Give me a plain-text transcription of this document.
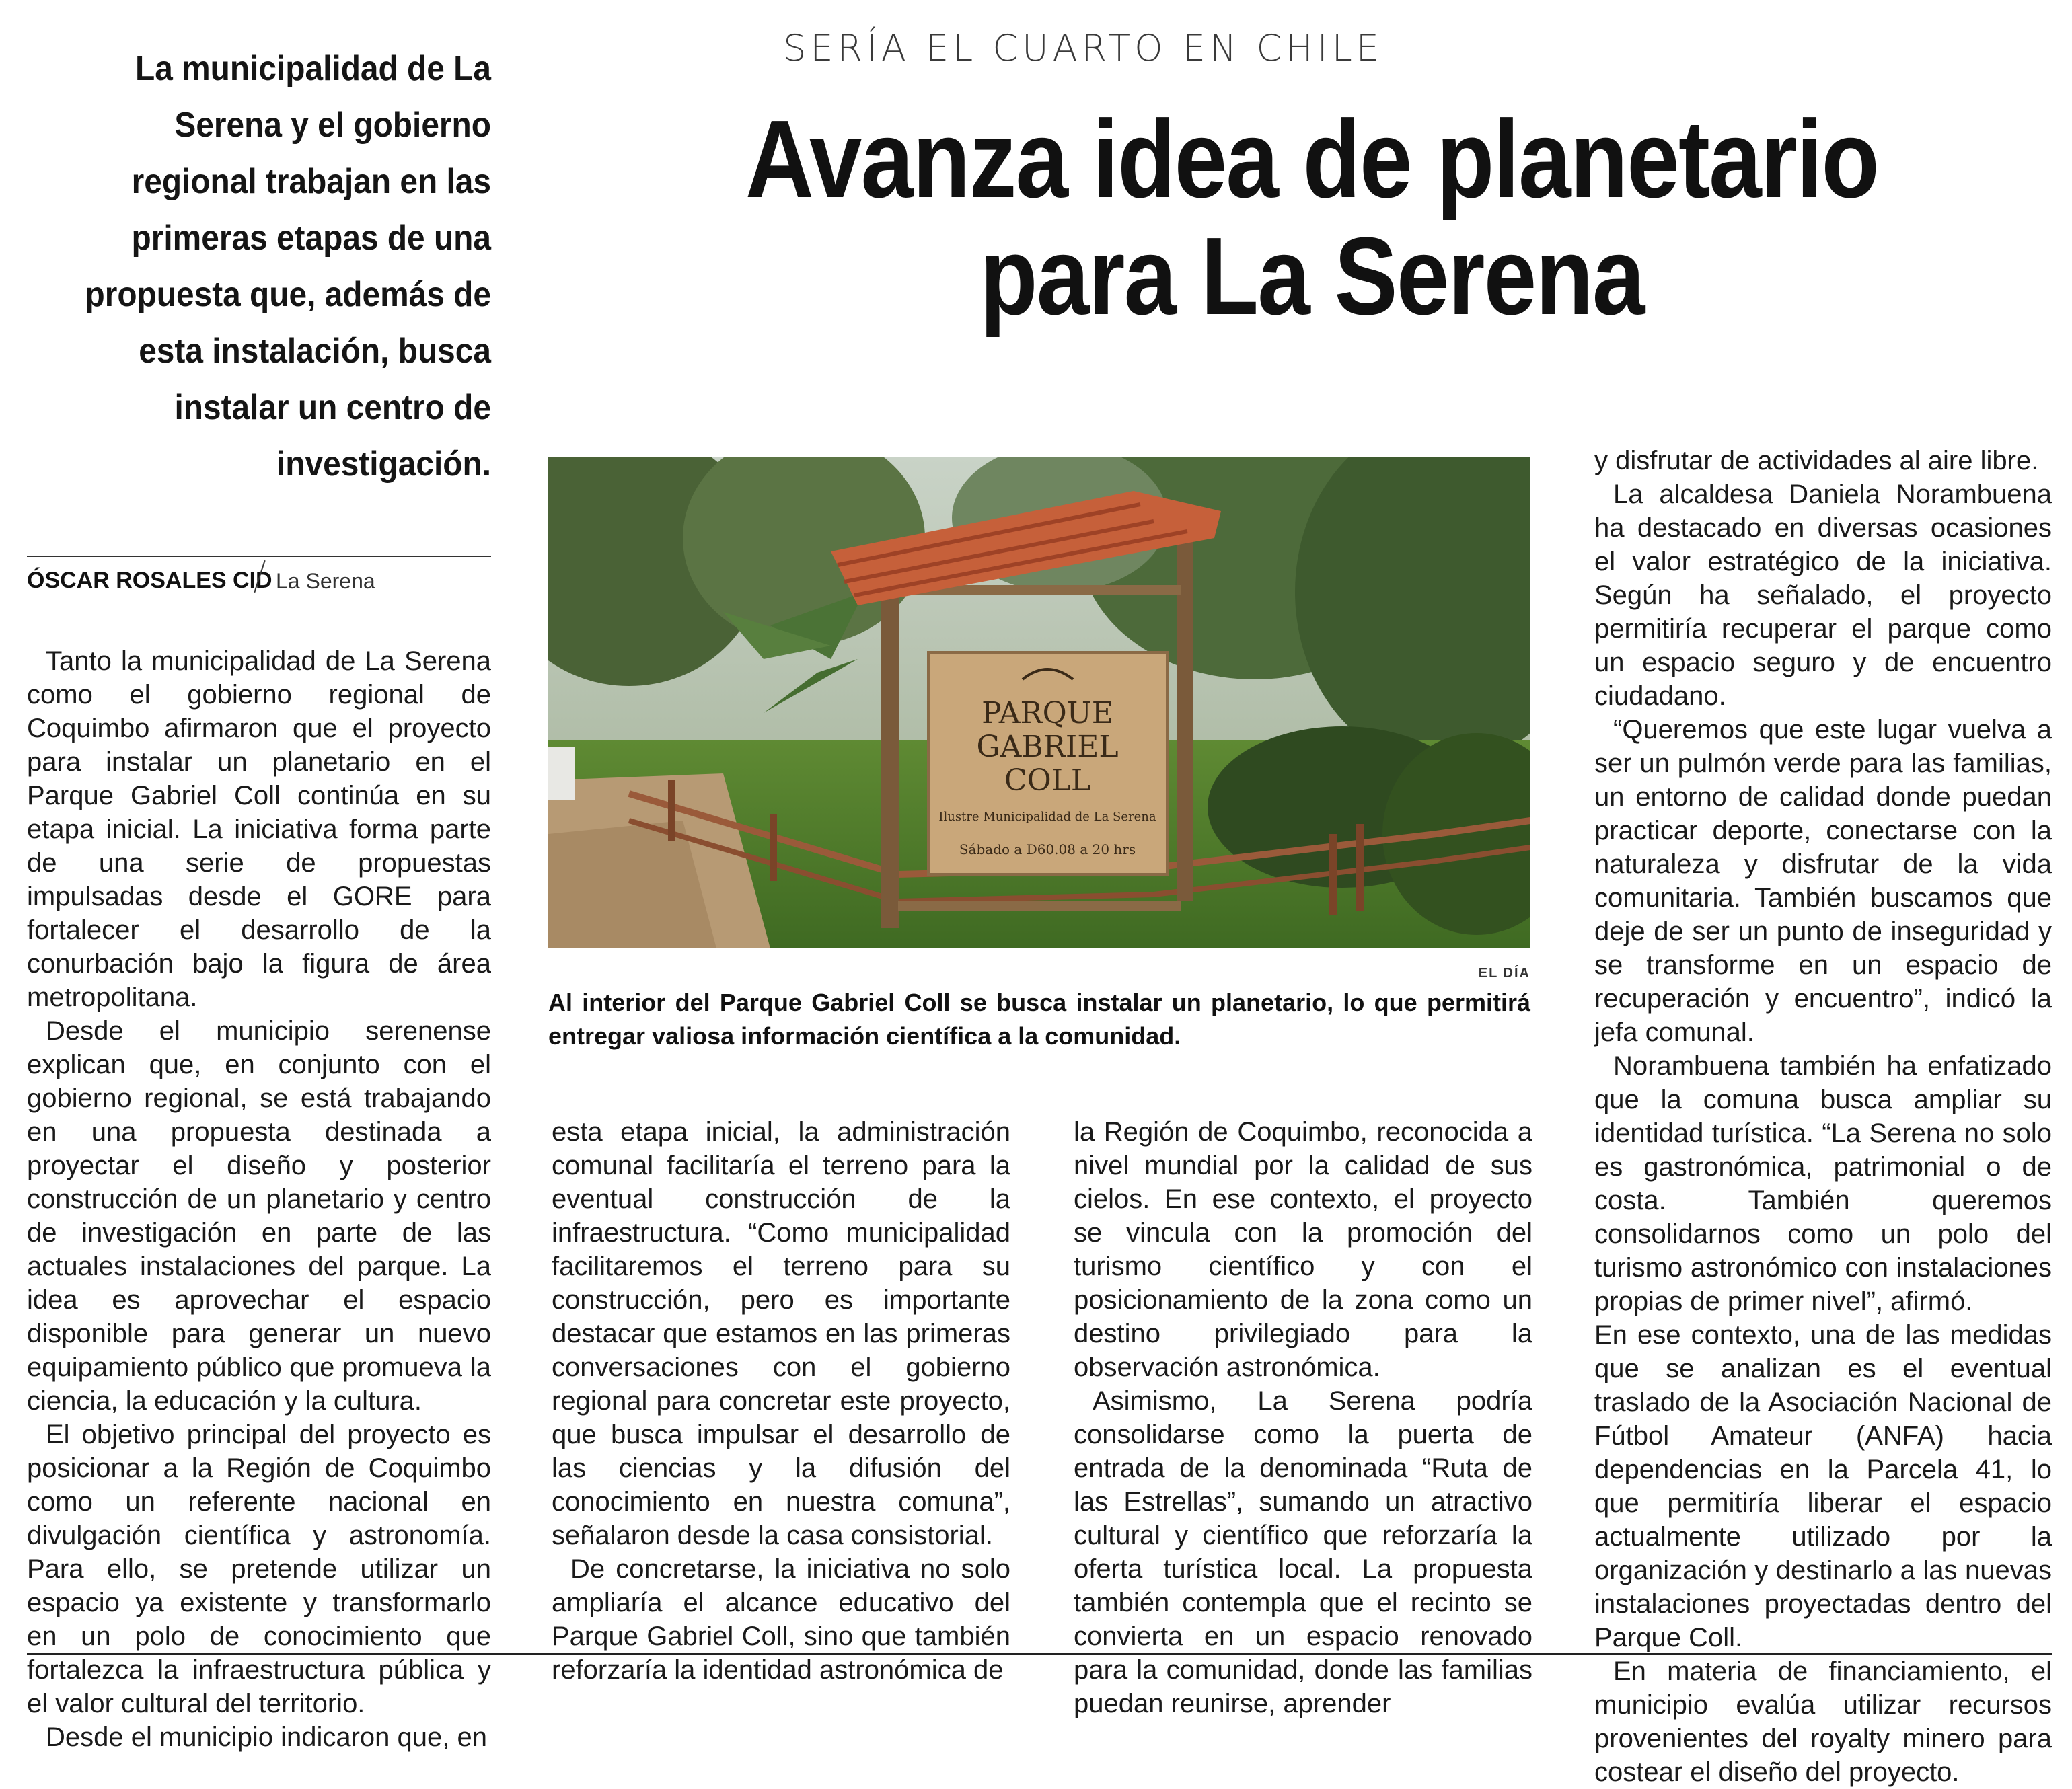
SERÍA EL CUARTO EN CHILE
Avanza idea de planetario
para La Serena
La municipalidad de La Serena y el gobierno regional trabajan en las primeras etapas de una propuesta que, además de esta instalación, busca instalar un centro de investigación.
ÓSCAR ROSALES CID La Serena

Tanto la municipalidad de La Serena como el gobierno regional de Coquimbo afirmaron que el proyecto para instalar un planetario en el Parque Gabriel Coll continúa en su etapa inicial. La iniciativa forma parte de una serie de propuestas impulsadas desde el GORE para fortalecer el desarrollo de la conurbación bajo la figura de área metropolitana.

Desde el municipio serenense explican que, en conjunto con el gobierno regional, se está trabajando en una propuesta destinada a proyectar el diseño y posterior construcción de un planetario y centro de investigación en parte de las actuales instalaciones del parque. La idea es aprovechar el espacio disponible para generar un nuevo equipamiento público que promueva la ciencia, la educación y la cultura.

El objetivo principal del proyecto es posicionar a la Región de Coquimbo como un referente nacional en divulgación científica y astronomía. Para ello, se pretende utilizar un espacio ya existente y transformarlo en un polo de conocimiento que fortalezca la infraestructura pública y el valor cultural del territorio.

Desde el municipio indicaron que, en

PARQUE
GABRIEL
COLL
Ilustre Municipalidad de La Serena
Sábado a D60.08 a 20 hrs
EL DÍA
Al interior del Parque Gabriel Coll se busca instalar un planetario, lo que permitirá entregar valiosa información científica a la comunidad.

esta etapa inicial, la administración comunal facilitaría el terreno para la eventual construcción de la infraestructura. “Como municipalidad facilitaremos el terreno para su construcción, pero es importante destacar que estamos en las primeras conversaciones con el gobierno regional para concretar este proyecto, que busca impulsar el desarrollo de las ciencias y la difusión del conocimiento en nuestra comuna”, señalaron desde la casa consistorial.

De concretarse, la iniciativa no solo ampliaría el alcance educativo del Parque Gabriel Coll, sino que también reforzaría la identidad astronómica de

la Región de Coquimbo, reconocida a nivel mundial por la calidad de sus cielos. En ese contexto, el proyecto se vincula con la promoción del turismo científico y con el posicionamiento de la zona como un destino privilegiado para la observación astronómica.

Asimismo, La Serena podría consolidarse como la puerta de entrada de la denominada “Ruta de las Estrellas”, sumando un atractivo cultural y científico que reforzaría la oferta turística local. La propuesta también contempla que el recinto se convierta en un espacio renovado para la comunidad, donde las familias puedan reunirse, aprender

y disfrutar de actividades al aire libre.

La alcaldesa Daniela Norambuena ha destacado en diversas ocasiones el valor estratégico de la iniciativa. Según ha señalado, el proyecto permitiría recuperar el parque como un espacio seguro y de encuentro ciudadano.

“Queremos que este lugar vuelva a ser un pulmón verde para las familias, un entorno de calidad donde puedan practicar deporte, conectarse con la naturaleza y disfrutar de la vida comunitaria. También buscamos que deje de ser un punto de inseguridad y se transforme en un espacio de recuperación y encuentro”, indicó la jefa comunal.

Norambuena también ha enfatizado que la comuna busca ampliar su identidad turística. “La Serena no solo es gastronómica, patrimonial o de costa. También queremos consolidarnos como un polo del turismo astronómico con instalaciones propias de primer nivel”, afirmó.

En ese contexto, una de las medidas que se analizan es el eventual traslado de la Asociación Nacional de Fútbol Amateur (ANFA) hacia dependencias en la Parcela 41, lo que permitiría liberar el espacio actualmente utilizado por la organización y destinarlo a las nuevas instalaciones proyectadas dentro del Parque Coll.

En materia de financiamiento, el municipio evalúa utilizar recursos provenientes del royalty minero para costear el diseño del proyecto.
